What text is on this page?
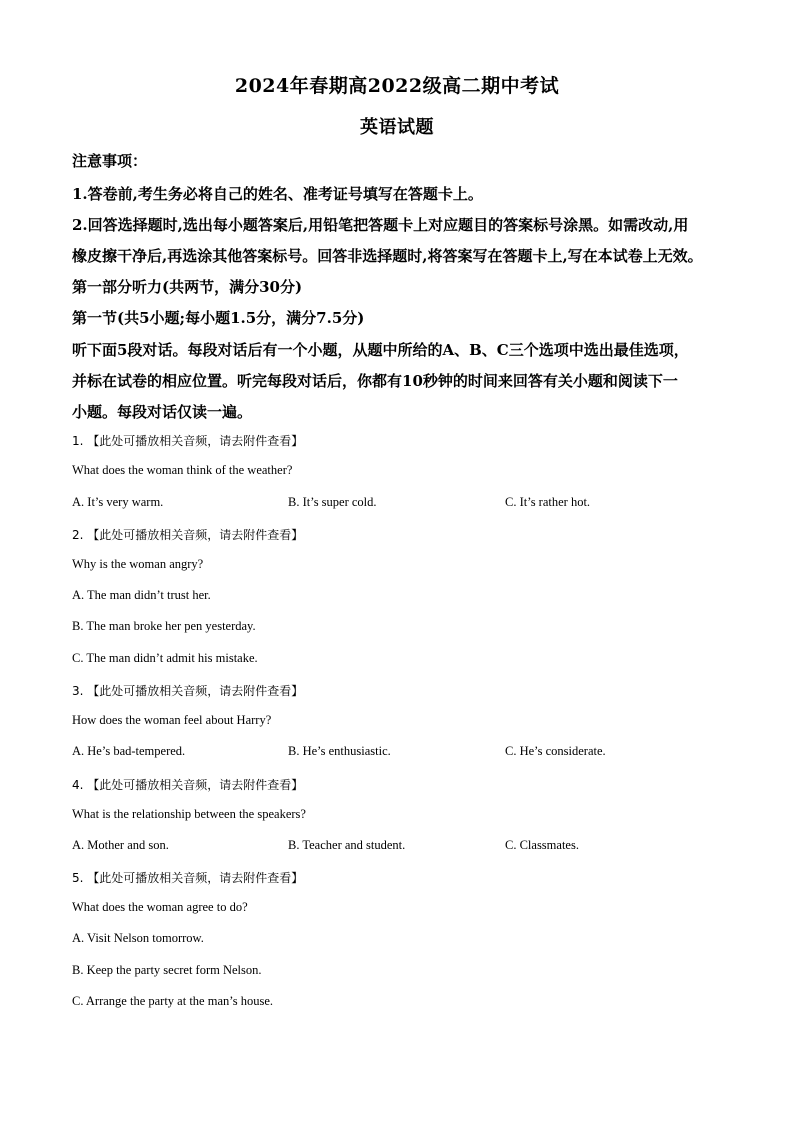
2024年春期高2022级高二期中考试
英语试题
注意事项：
1.答卷前,考生务必将自己的姓名、准考证号填写在答题卡上。
2.回答选择题时,选出每小题答案后,用铅笔把答题卡上对应题目的答案标号涂黑。如需改动,用
橡皮擦干净后,再选涂其他答案标号。回答非选择题时,将答案写在答题卡上,写在本试卷上无效。
第一部分听力(共两节，满分30分)
第一节(共5小题;每小题1.5分，满分7.5分)
听下面5段对话。每段对话后有一个小题，从题中所给的A、B、C三个选项中选出最佳选项，
并标在试卷的相应位置。听完每段对话后，你都有10秒钟的时间来回答有关小题和阅读下一
小题。每段对话仅读一遍。
1. 【此处可播放相关音频，请去附件查看】
What does the woman think of the weather?
A. It’s very warm.	B. It’s super cold.	C. It’s rather hot.
2. 【此处可播放相关音频，请去附件查看】
Why is the woman angry?
A. The man didn’t trust her.
B. The man broke her pen yesterday.
C. The man didn’t admit his mistake.
3. 【此处可播放相关音频，请去附件查看】
How does the woman feel about Harry?
A. He’s bad-tempered.	B. He’s enthusiastic.	C. He’s considerate.
4. 【此处可播放相关音频，请去附件查看】
What is the relationship between the speakers?
A. Mother and son.	B. Teacher and student.	C. Classmates.
5. 【此处可播放相关音频，请去附件查看】
What does the woman agree to do?
A. Visit Nelson tomorrow.
B. Keep the party secret form Nelson.
C. Arrange the party at the man’s house.
